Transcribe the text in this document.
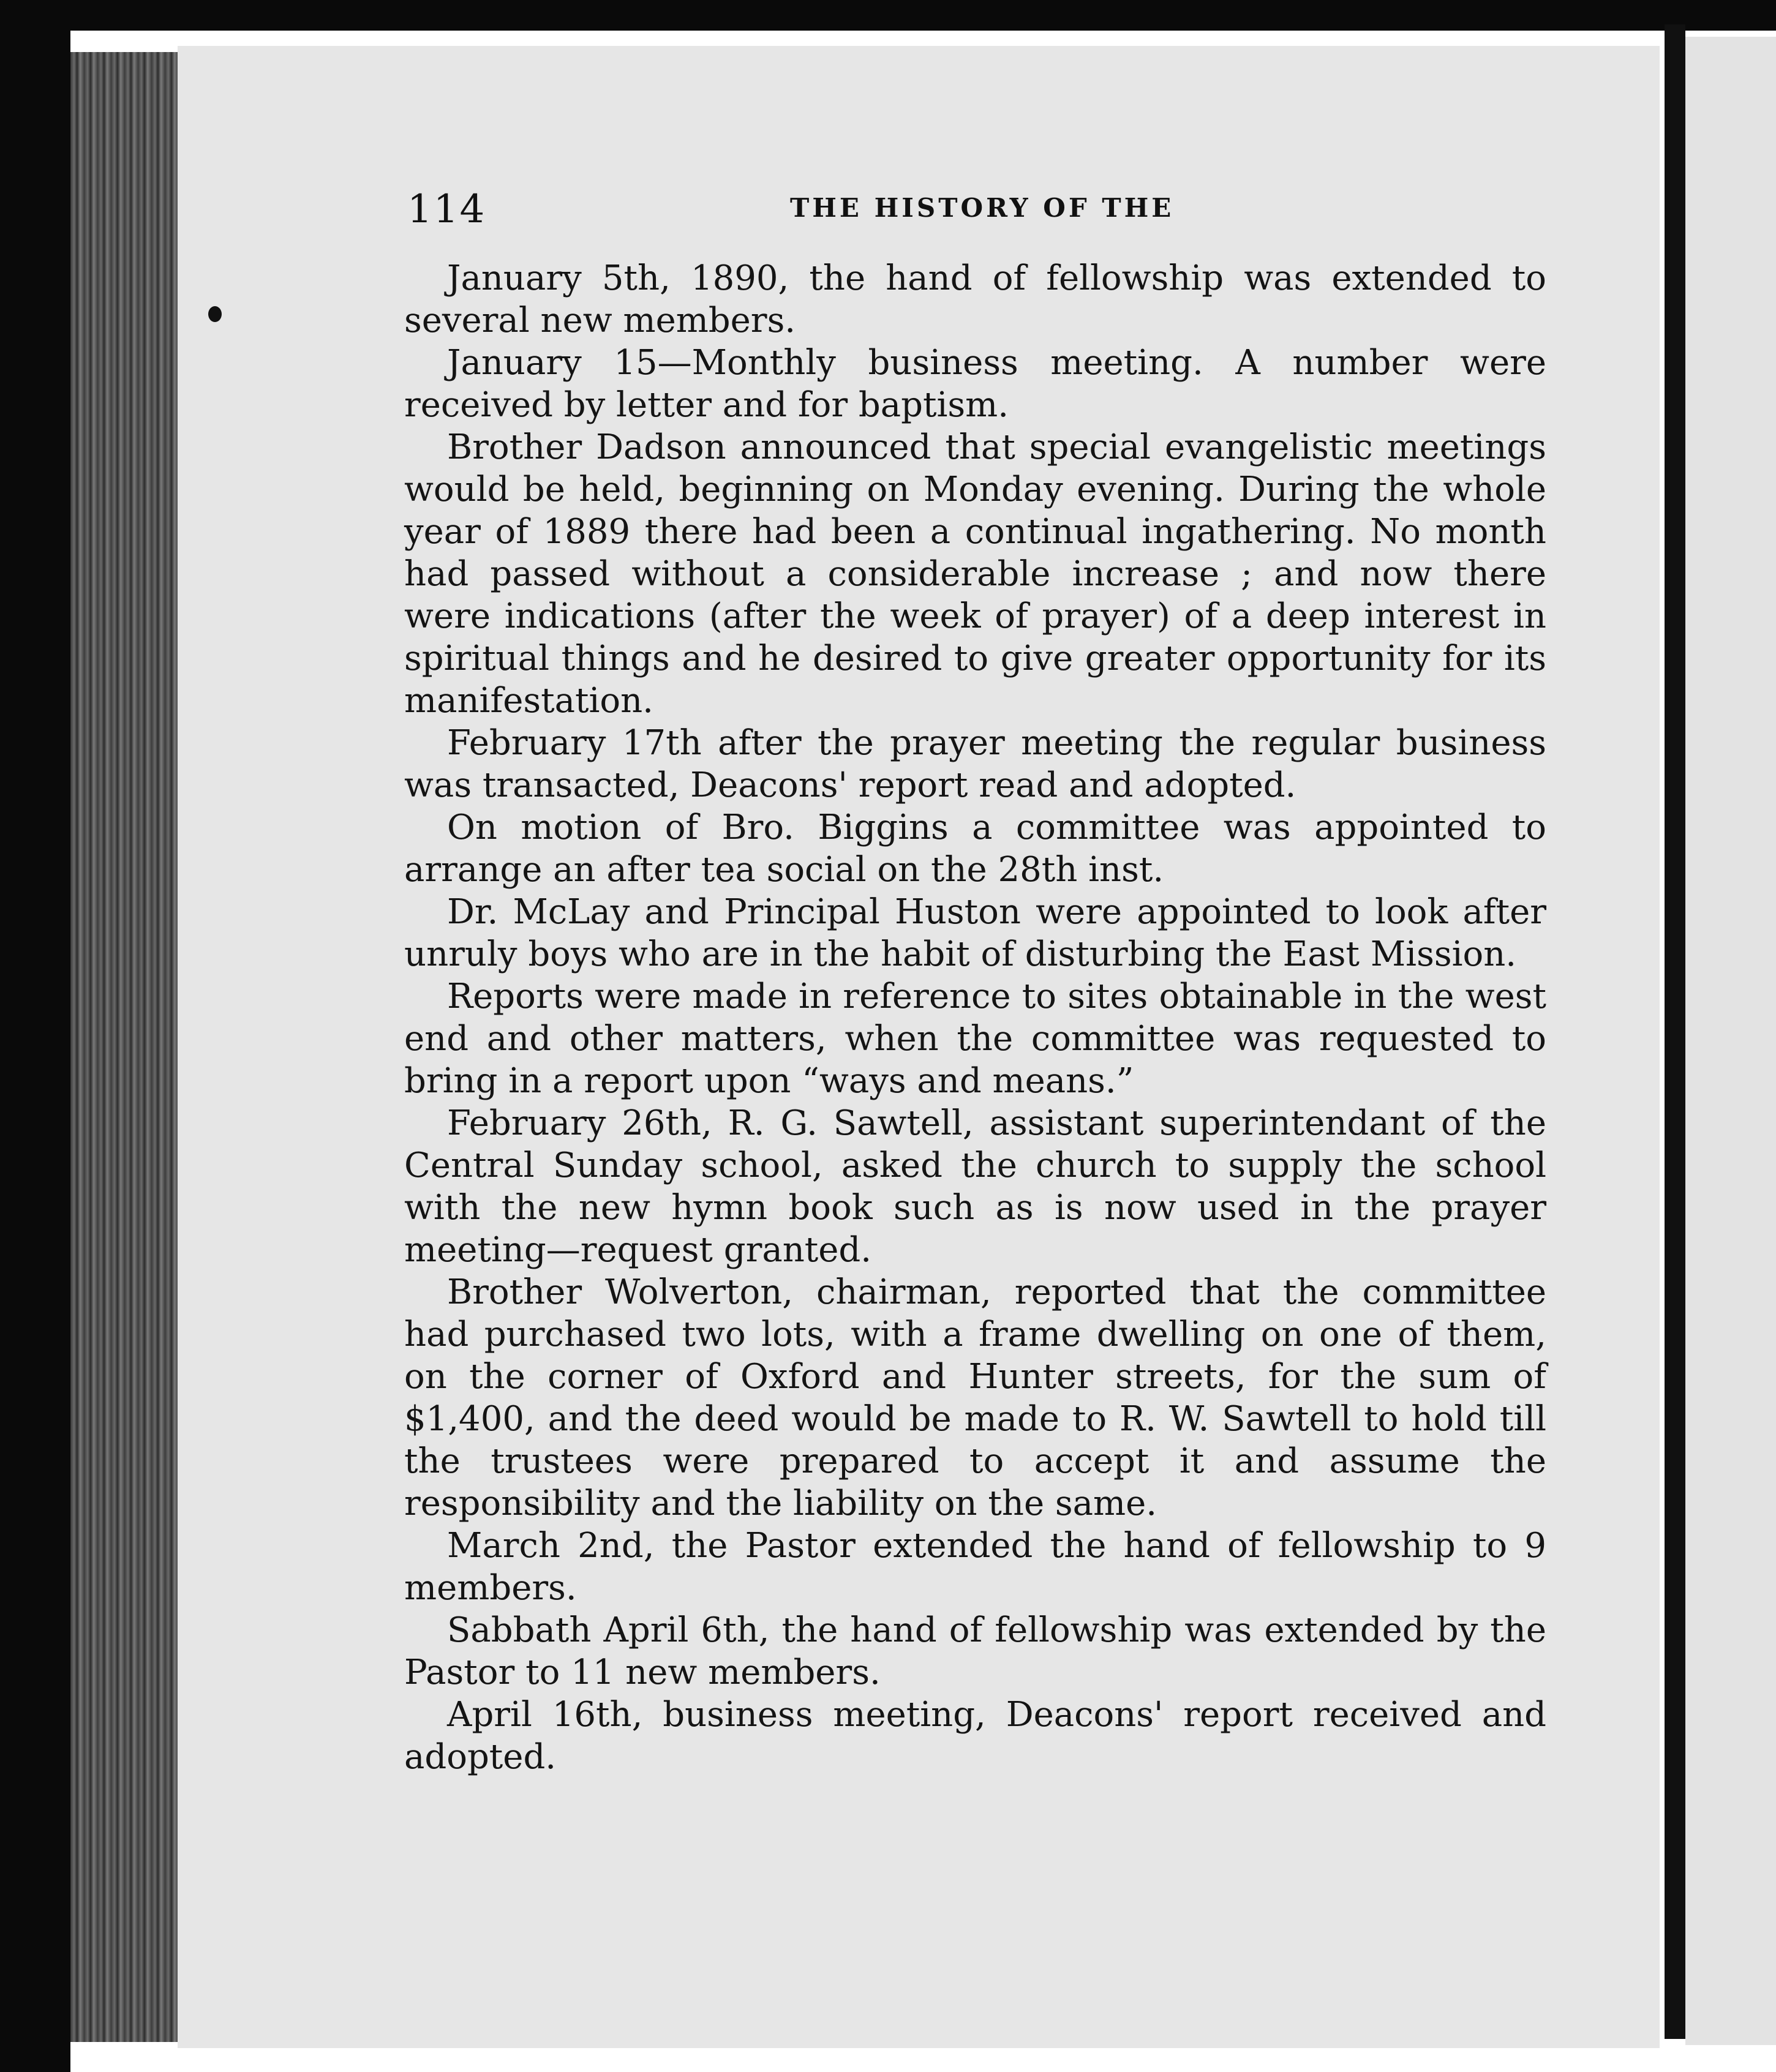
114	THE HISTORY OF THE

January 5th, 1890, the hand of fellowship was extended to several new members.

January 15—Monthly business meeting. A number were received by letter and for baptism.

Brother Dadson announced that special evangelistic meetings would be held, beginning on Monday evening. During the whole year of 1889 there had been a continual ingathering. No month had passed without a considerable increase ; and now there were indications (after the week of prayer) of a deep interest in spiritual things and he desired to give greater opportunity for its manifestation.

February 17th after the prayer meeting the regular business was transacted, Deacons' report read and adopted.

On motion of Bro. Biggins a committee was appointed to arrange an after tea social on the 28th inst.

Dr. McLay and Principal Huston were appointed to look after unruly boys who are in the habit of disturbing the East Mission.

Reports were made in reference to sites obtainable in the west end and other matters, when the committee was requested to bring in a report upon “ways and means.”

February 26th, R. G. Sawtell, assistant superintendant of the Central Sunday school, asked the church to supply the school with the new hymn book such as is now used in the prayer meeting—request granted.

Brother Wolverton, chairman, reported that the committee had purchased two lots, with a frame dwelling on one of them, on the corner of Oxford and Hunter streets, for the sum of $1,400, and the deed would be made to R. W. Sawtell to hold till the trustees were prepared to accept it and assume the responsibility and the liability on the same.

March 2nd, the Pastor extended the hand of fellowship to 9 members.

Sabbath April 6th, the hand of fellowship was extended by the Pastor to 11 new members.

April 16th, business meeting, Deacons' report received and adopted.
